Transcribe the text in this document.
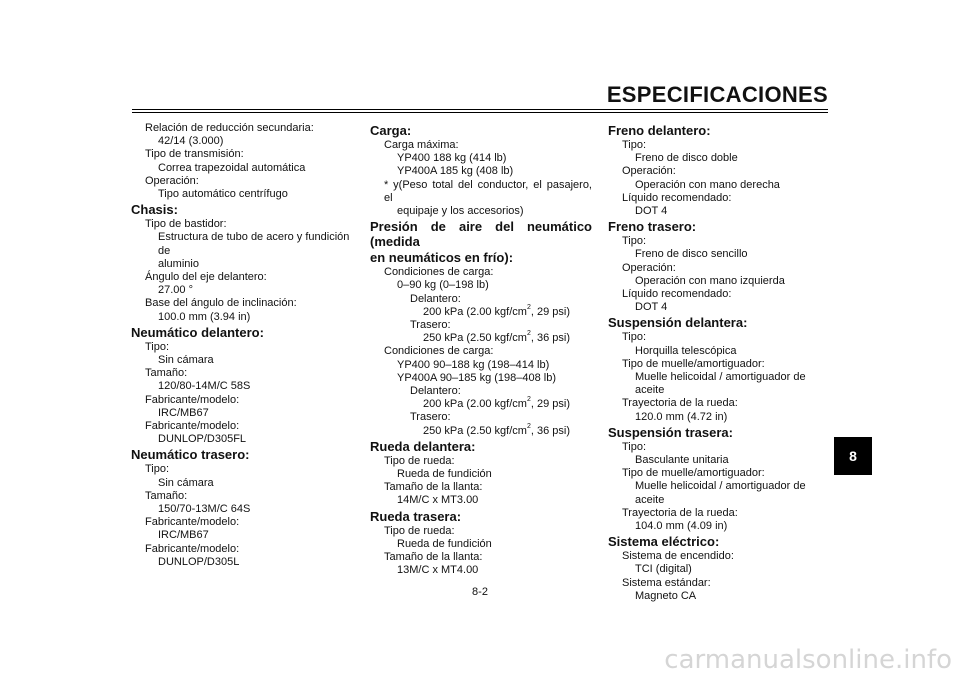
ESPECIFICACIONES
Relación de reducción secundaria:
42/14 (3.000)
Tipo de transmisión:
Correa trapezoidal automática
Operación:
Tipo automático centrífugo
Chasis:
Tipo de bastidor:
Estructura de tubo de acero y fundición de
aluminio
Ángulo del eje delantero:
27.00 °
Base del ángulo de inclinación:
100.0 mm (3.94 in)
Neumático delantero:
Tipo:
Sin cámara
Tamaño:
120/80-14M/C 58S
Fabricante/modelo:
IRC/MB67
Fabricante/modelo:
DUNLOP/D305FL
Neumático trasero:
Tipo:
Sin cámara
Tamaño:
150/70-13M/C 64S
Fabricante/modelo:
IRC/MB67
Fabricante/modelo:
DUNLOP/D305L
Carga:
Carga máxima:
YP400 188 kg (414 lb)
YP400A 185 kg (408 lb)
* y(Peso total del conductor, el pasajero, el
equipaje y los accesorios)
Presión de aire del neumático (medida
en neumáticos en frío):
Condiciones de carga:
0–90 kg (0–198 lb)
Delantero:
200 kPa (2.00 kgf/$cm^2$, 29 psi)
Trasero:
250 kPa (2.50 kgf/$cm^2$, 36 psi)
Condiciones de carga:
YP400 90–188 kg (198–414 lb)
YP400A 90–185 kg (198–408 lb)
Delantero:
200 kPa (2.00 kgf/$cm^2$, 29 psi)
Trasero:
250 kPa (2.50 kgf/$cm^2$, 36 psi)
Rueda delantera:
Tipo de rueda:
Rueda de fundición
Tamaño de la llanta:
14M/C x MT3.00
Rueda trasera:
Tipo de rueda:
Rueda de fundición
Tamaño de la llanta:
13M/C x MT4.00
Freno delantero:
Tipo:
Freno de disco doble
Operación:
Operación con mano derecha
Líquido recomendado:
DOT 4
Freno trasero:
Tipo:
Freno de disco sencillo
Operación:
Operación con mano izquierda
Líquido recomendado:
DOT 4
Suspensión delantera:
Tipo:
Horquilla telescópica
Tipo de muelle/amortiguador:
Muelle helicoidal / amortiguador de aceite
Trayectoria de la rueda:
120.0 mm (4.72 in)
Suspensión trasera:
Tipo:
Basculante unitaria
Tipo de muelle/amortiguador:
Muelle helicoidal / amortiguador de aceite
Trayectoria de la rueda:
104.0 mm (4.09 in)
Sistema eléctrico:
Sistema de encendido:
TCI (digital)
Sistema estándar:
Magneto CA
8
8-2
carmanualsonline.info
